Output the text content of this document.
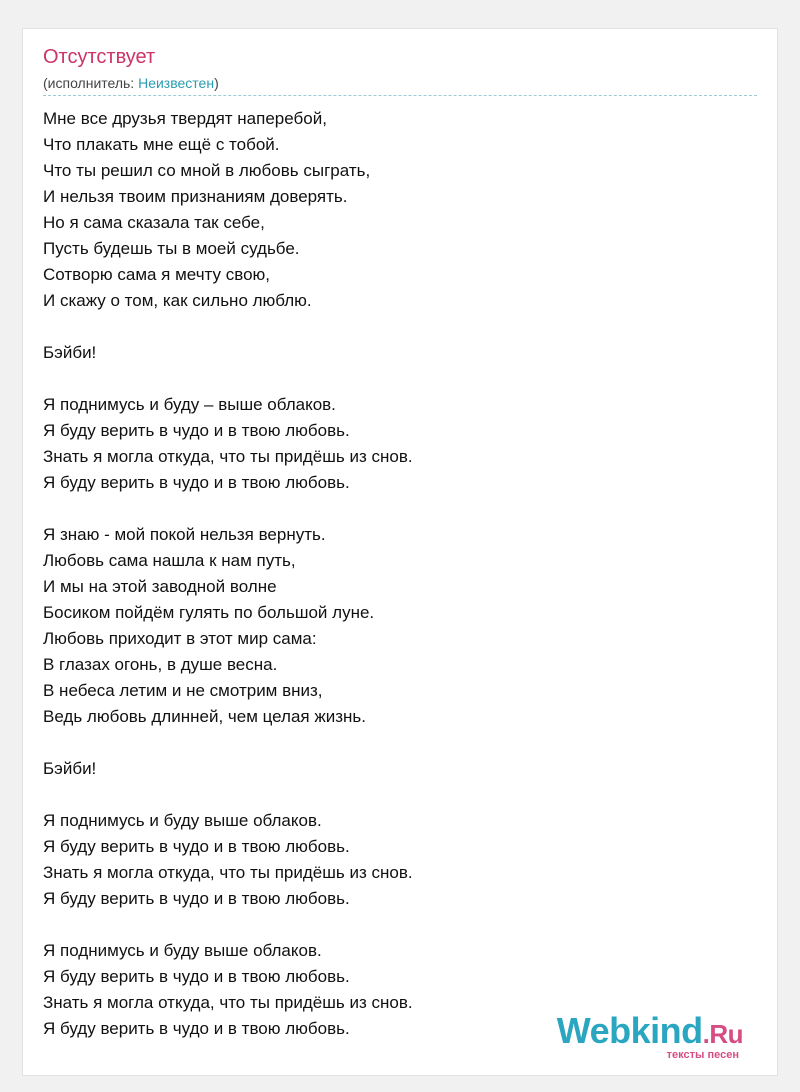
Отсутствует
(исполнитель: Неизвестен)
Мне все друзья твердят наперебой,
Что плакать мне ещё с тобой.
Что ты решил со мной в любовь сыграть,
И нельзя твоим признаниям доверять.
Но я сама сказала так себе,
Пусть будешь ты в моей судьбе.
Сотворю сама я мечту свою,
И скажу о том, как сильно люблю.
Бэйби!
Я поднимусь и буду – выше облаков.
Я буду верить в чудо и в твою любовь.
Знать я могла откуда, что ты придёшь из снов.
Я буду верить в чудо и в твою любовь.
Я знаю - мой покой нельзя вернуть.
Любовь сама нашла к нам путь,
И мы на этой заводной волне
Босиком пойдём гулять по большой луне.
Любовь приходит в этот мир сама:
В глазах огонь, в душе весна.
В небеса летим и не смотрим вниз,
Ведь любовь длинней, чем целая жизнь.
Бэйби!
Я поднимусь и буду выше облаков.
Я буду верить в чудо и в твою любовь.
Знать я могла откуда, что ты придёшь из снов.
Я буду верить в чудо и в твою любовь.
Я поднимусь и буду выше облаков.
Я буду верить в чудо и в твою любовь.
Знать я могла откуда, что ты придёшь из снов.
Я буду верить в чудо и в твою любовь.	Webkind.Ru
тексты песен
